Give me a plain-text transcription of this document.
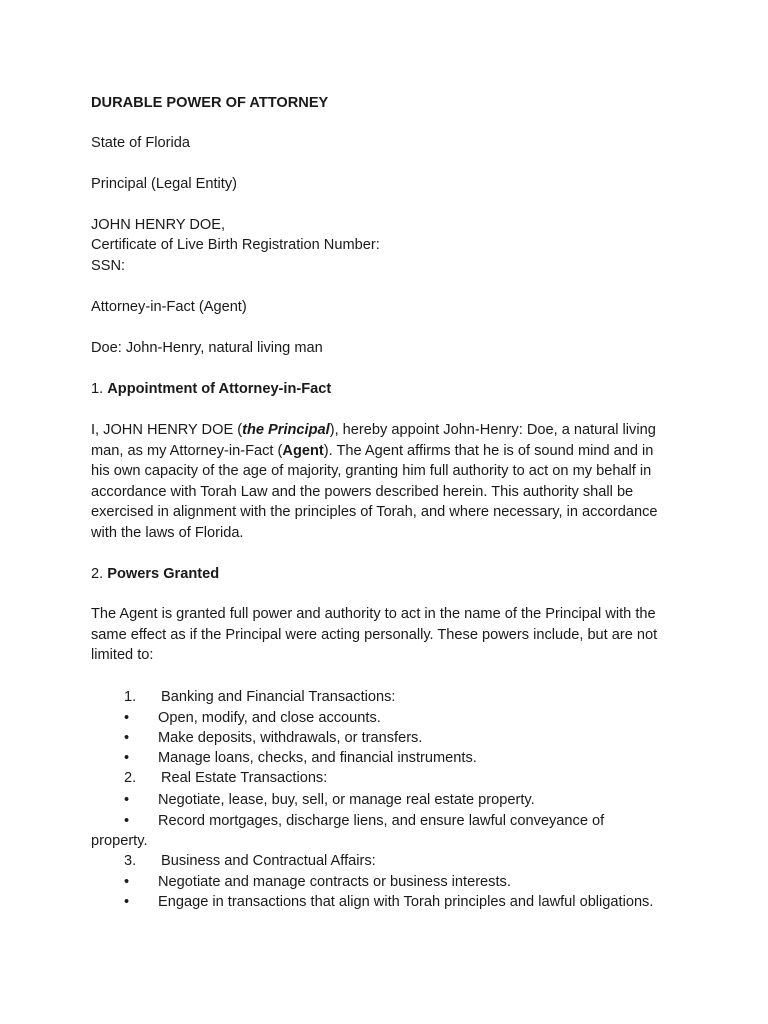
DURABLE POWER OF ATTORNEY
State of Florida
Principal (Legal Entity)
JOHN HENRY DOE,
Certificate of Live Birth Registration Number:
SSN:
Attorney-in-Fact (Agent)
Doe: John-Henry, natural living man
1. Appointment of Attorney-in-Fact
I, JOHN HENRY DOE (the Principal), hereby appoint John-Henry: Doe, a natural living
man, as my Attorney-in-Fact (Agent). The Agent affirms that he is of sound mind and in
his own capacity of the age of majority, granting him full authority to act on my behalf in
accordance with Torah Law and the powers described herein. This authority shall be
exercised in alignment with the principles of Torah, and where necessary, in accordance
with the laws of Florida.
2. Powers Granted
The Agent is granted full power and authority to act in the name of the Principal with the
same effect as if the Principal were acting personally. These powers include, but are not
limited to:
1. Banking and Financial Transactions:
• Open, modify, and close accounts.
• Make deposits, withdrawals, or transfers.
• Manage loans, checks, and financial instruments.
2. Real Estate Transactions:
• Negotiate, lease, buy, sell, or manage real estate property.
• Record mortgages, discharge liens, and ensure lawful conveyance of
property.
3. Business and Contractual Affairs:
• Negotiate and manage contracts or business interests.
• Engage in transactions that align with Torah principles and lawful obligations.
